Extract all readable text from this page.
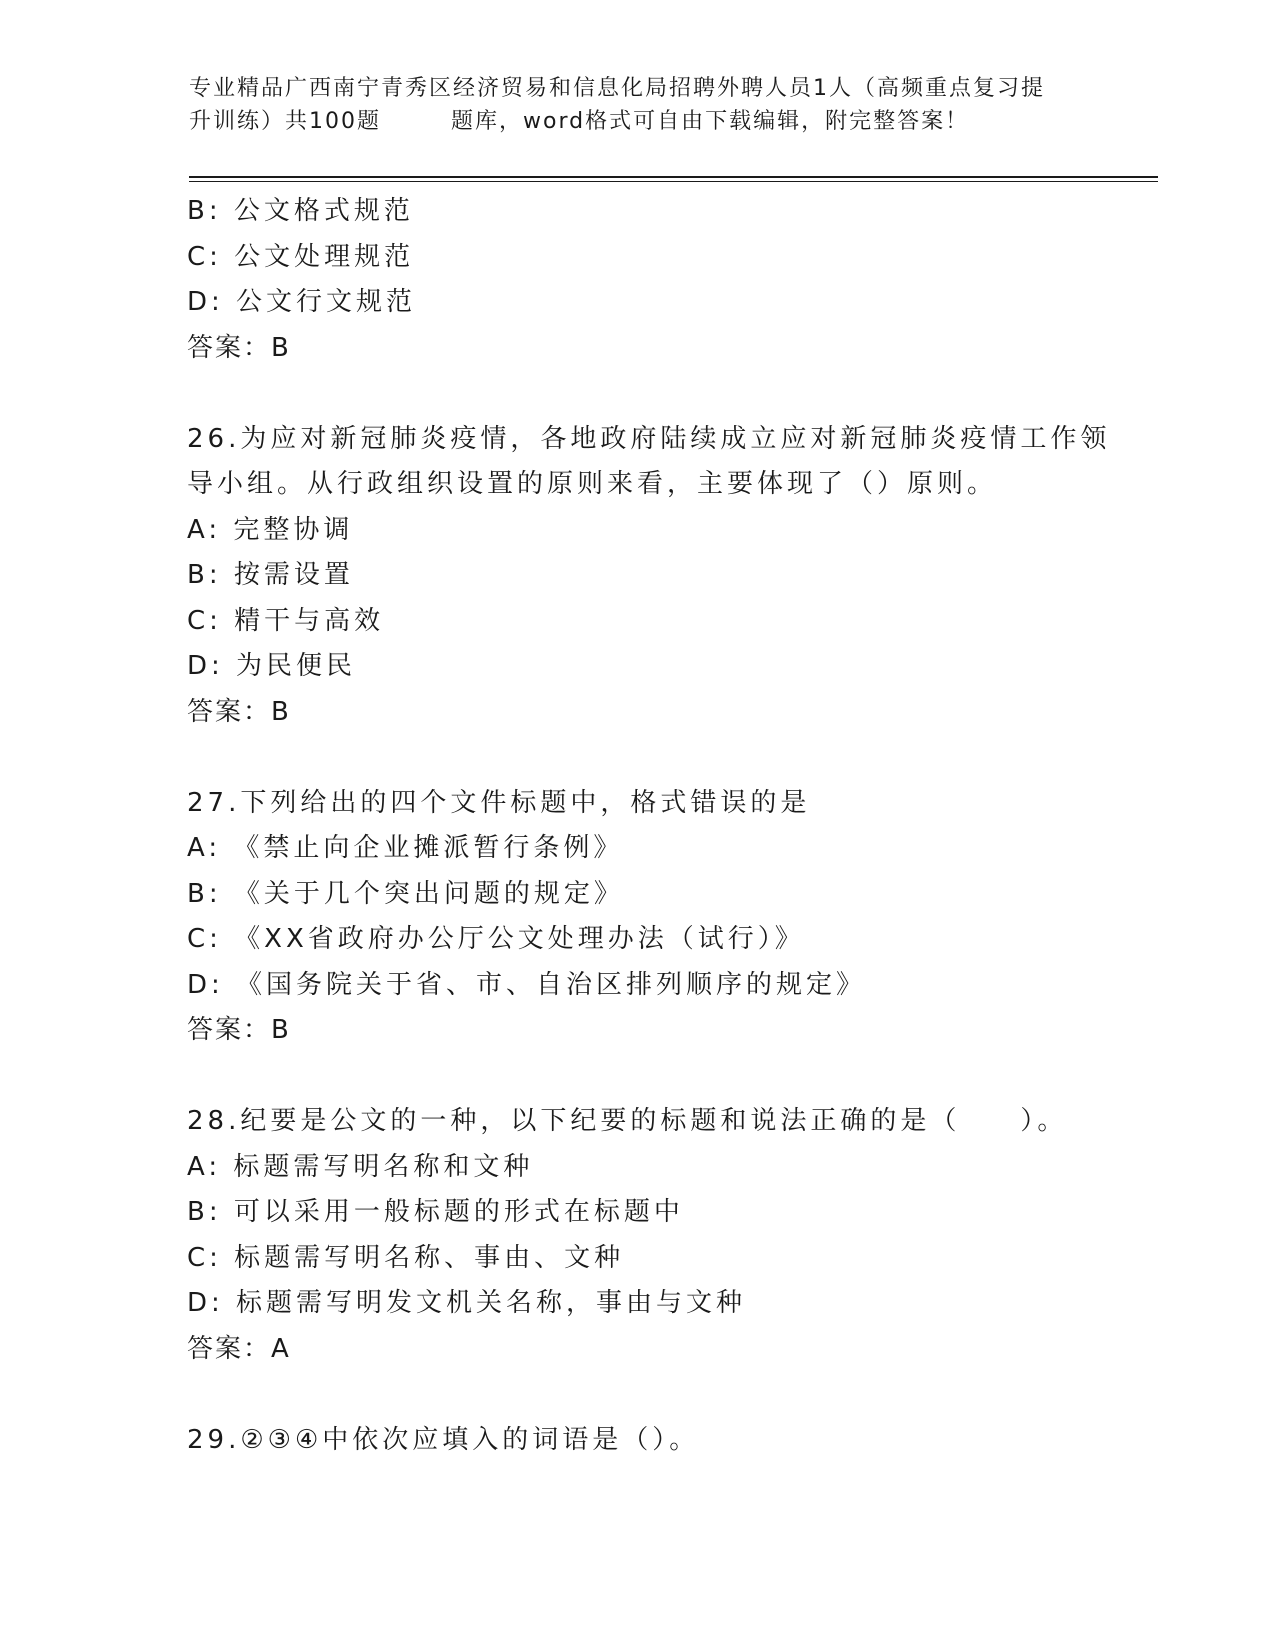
专业精品广西南宁青秀区经济贸易和信息化局招聘外聘人员1人（高频重点复习提
升训练）共100题	题库，word格式可自由下载编辑，附完整答案！
B: 公文格式规范
C: 公文处理规范
D: 公文行文规范
答案：B
26.为应对新冠肺炎疫情，各地政府陆续成立应对新冠肺炎疫情工作领
导小组。从行政组织设置的原则来看，主要体现了（）原则。
A: 完整协调
B: 按需设置
C: 精干与高效
D: 为民便民
答案：B
27.下列给出的四个文件标题中，格式错误的是
A: 《禁止向企业摊派暂行条例》
B: 《关于几个突出问题的规定》
C: 《XX省政府办公厅公文处理办法（试行）》
D: 《国务院关于省、市、自治区排列顺序的规定》
答案：B
28.纪要是公文的一种，以下纪要的标题和说法正确的是（　　）。
A: 标题需写明名称和文种
B: 可以采用一般标题的形式在标题中
C: 标题需写明名称、事由、文种
D: 标题需写明发文机关名称，事由与文种
答案：A
29.②③④中依次应填入的词语是（）。
